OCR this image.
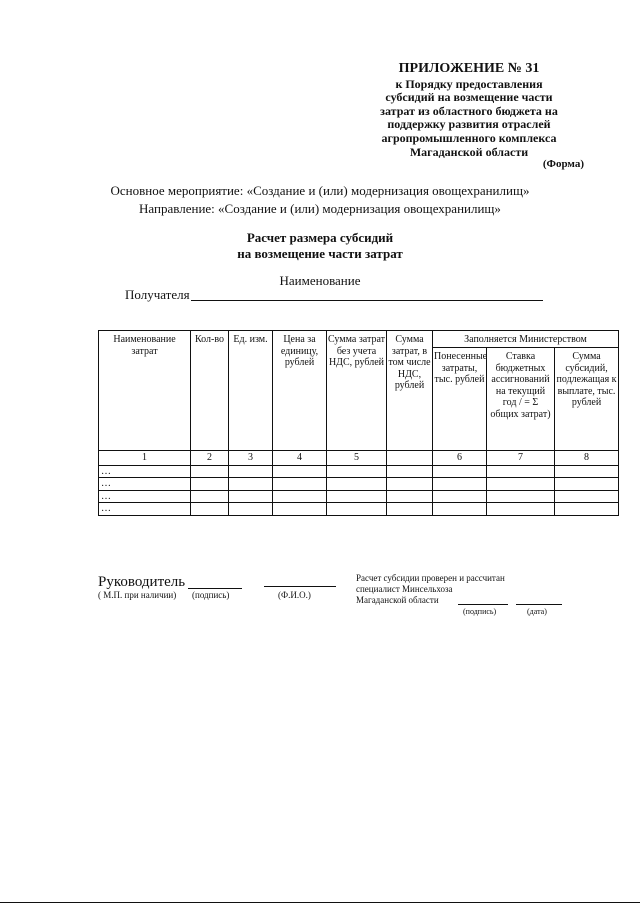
ПРИЛОЖЕНИЕ № 31
к Порядку предоставления
субсидий на возмещение части
затрат из областного бюджета на
поддержку развития отраслей
агропромышленного комплекса
Магаданской области
(Форма)
Основное мероприятие: «Создание и (или) модернизация овощехранилищ»
Направление: «Создание и (или) модернизация овощехранилищ»
Расчет размера субсидий
на возмещение части затрат
Наименование
Получателя
Наименование затрат	Кол-во	Ед. изм.	Цена за единицу, рублей	Сумма затрат без учета НДС, рублей	Сумма затрат, в том числе НДС, рублей	Заполняется Министерством		
						Понесенные затраты, тыс. рублей	Ставка бюджетных ассигнований на текущий год / = Σ общих затрат)	Сумма субсидий, подлежащая к выплате, тыс. рублей
1	2	3	4	5		6	7	8
…								
…								
…								
…								
Руководитель
( М.П. при наличии) (подпись)	(Ф.И.О.)
Расчет субсидии проверен и рассчитан
специалист Минсельхоза
Магаданской области
(подпись)	(дата)
